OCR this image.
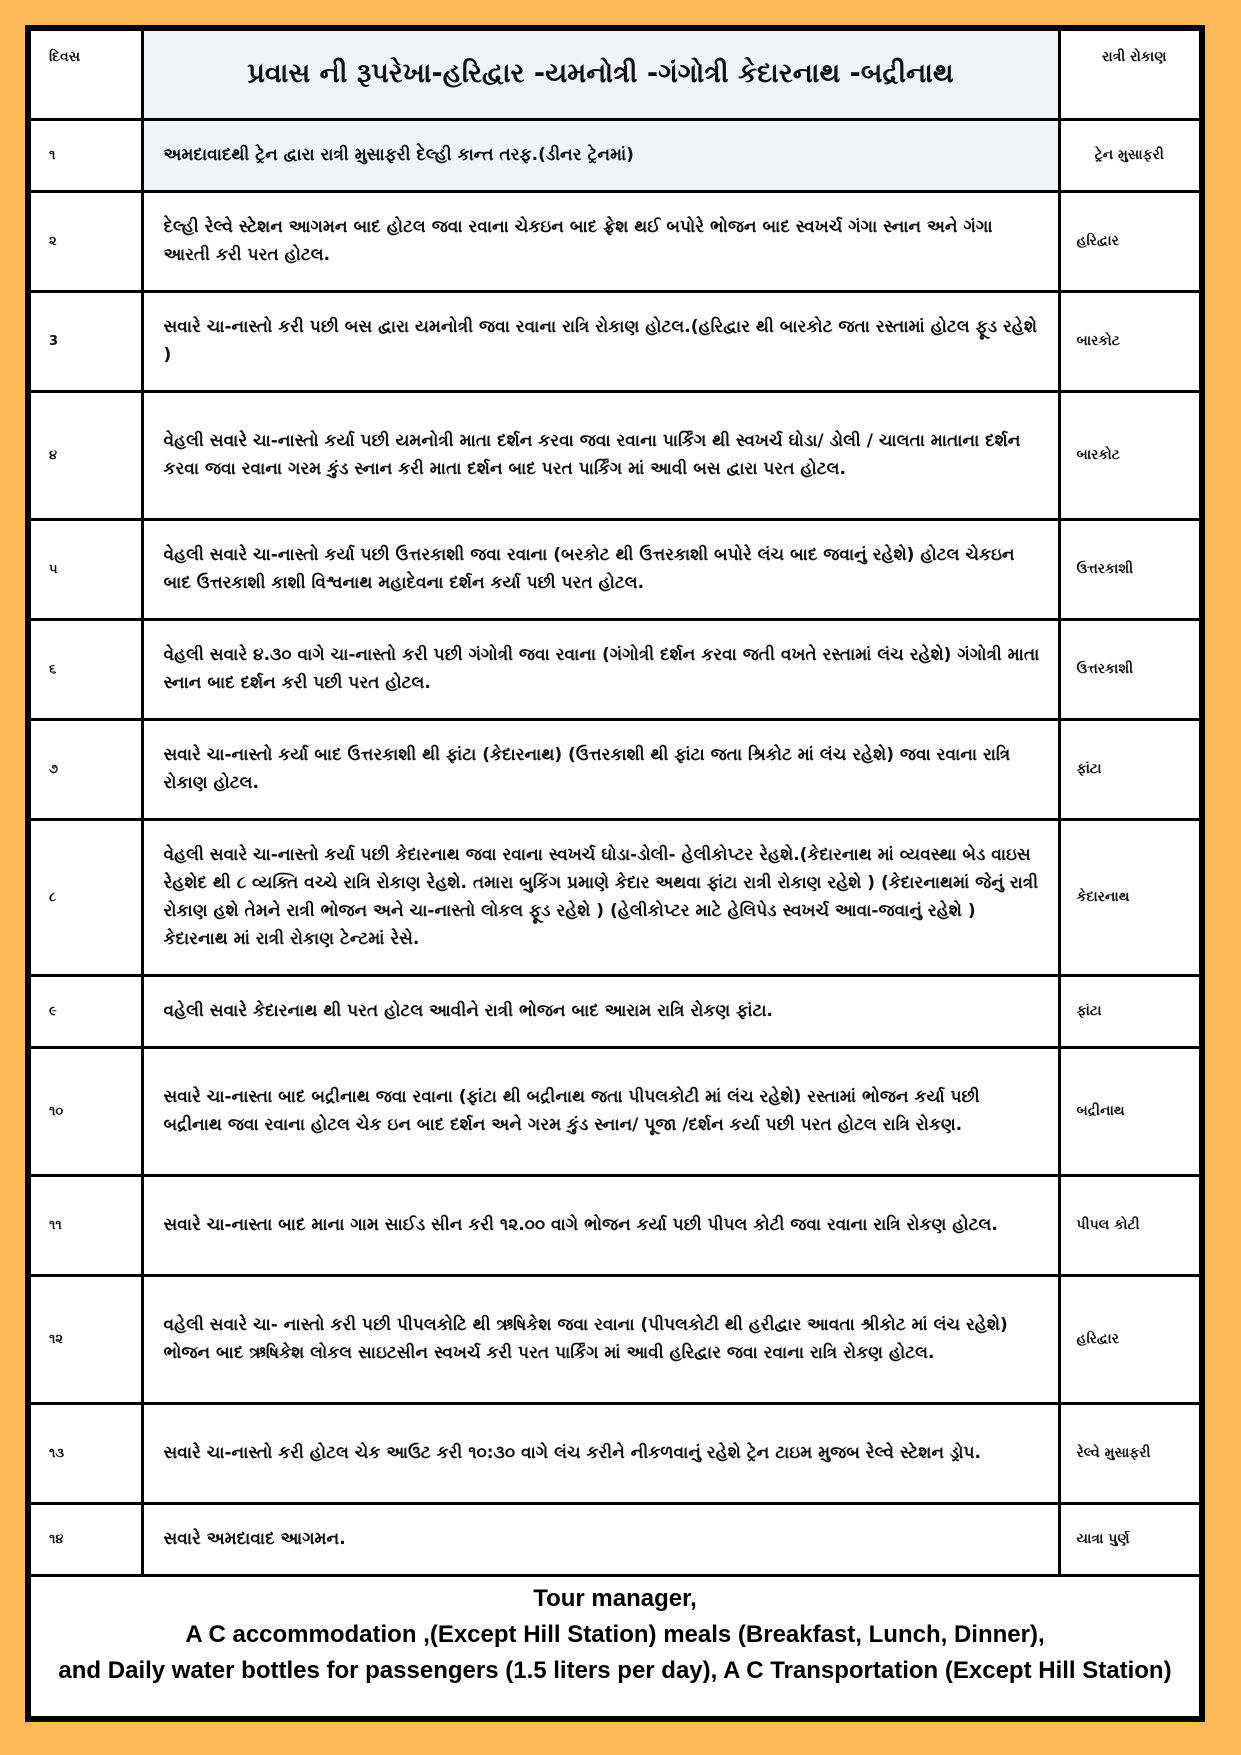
દિવસ	પ્રવાસ ની રૂપરેખા-હરિદ્વાર -યમનોત્રી -ગંગોત્રી કેદારનાથ -બદ્રીનાથ	રાત્રી રોકાણ
૧	અમદાવાદથી ટ્રેન દ્વારા રાત્રી મુસાફરી દેલ્હી કાન્ત તરફ.(ડીનર ટ્રેનમાં)	ટ્રેન મુસાફરી
૨	દેલ્હી રેલ્વે સ્ટેશન આગમન બાદ હોટલ જવા રવાના ચેકઇન બાદ ફ્રેશ થઈ બપોરે ભોજન બાદ સ્વખર્ચ ગંગા સ્નાન અને ગંગા આરતી કરી પરત હોટલ.	હરિદ્વાર
3	સવારે ચા-નાસ્તો કરી પછી બસ દ્વારા યમનોત્રી જવા રવાના રાત્રિ રોકાણ હોટલ.(હરિદ્વાર થી બારકોટ જતા રસ્તામાં હોટલ ફૂડ રહેશે )	બારકોટ
૪	વેહલી સવારે ચા-નાસ્તો કર્યા પછી યમનોત્રી માતા દર્શન કરવા જવા રવાના પાર્કિંગ થી સ્વખર્ચ ઘોડા/ ડોલી / ચાલતા માતાના દર્શન કરવા જવા રવાના ગરમ કુંડ સ્નાન કરી માતા દર્શન બાદ પરત પાર્કિંગ માં આવી બસ દ્વારા પરત હોટલ.	બારકોટ
૫	વેહલી સવારે ચા-નાસ્તો કર્યા પછી ઉત્તરકાશી જવા રવાના (બરકોટ થી ઉત્તરકાશી બપોરે લંચ બાદ જવાનું રહેશે) હોટલ ચેકઇન બાદ ઉત્તરકાશી કાશી વિશ્વનાથ મહાદેવના દર્શન કર્યા પછી પરત હોટલ.	ઉત્તરકાશી
૬	વેહલી સવારે ૪.૩૦ વાગે ચા-નાસ્તો કરી પછી ગંગોત્રી જવા રવાના (ગંગોત્રી દર્શન કરવા જતી વખતે રસ્તામાં લંચ રહેશે) ગંગોત્રી માતા સ્નાન બાદ દર્શન કરી પછી પરત હોટલ.	ઉત્તરકાશી
૭	સવારે ચા-નાસ્તો કર્યા બાદ ઉત્તરકાશી થી ફાંટા (કેદારનાથ) (ઉત્તરકાશી થી ફાંટા જતા શ્રિકોટ માં લંચ રહેશે) જવા રવાના રાત્રિ રોકાણ હોટલ.	ફાંટા
૮	વેહલી સવારે ચા-નાસ્તો કર્યા પછી કેદારનાથ જવા રવાના સ્વખર્ચ ઘોડા-ડોલી- હેલીકોપ્ટર રેહશે.(કેદારનાથ માં વ્યવસ્થા બેડ વાઇસ રેહશેદ થી ૮ વ્યક્તિ વચ્ચે રાત્રિ રોકાણ રેહશે. તમારા બુકિંગ પ્રમાણે કેદાર અથવા ફાંટા રાત્રી રોકાણ રહેશે ) (કેદારનાથમાં જેનું રાત્રી રોકાણ હશે તેમને રાત્રી ભોજન અને ચા-નાસ્તો લોકલ ફૂડ રહેશે ) (હેલીકોપ્ટર માટે હેલિપેડ સ્વખર્ચ આવા-જવાનું રહેશે ) કેદારનાથ માં રાત્રી રોકાણ ટેન્ટમાં રેસે.	કેદારનાથ
૯	વહેલી સવારે કેદારનાથ થી પરત હોટલ આવીને રાત્રી ભોજન બાદ આરામ રાત્રિ રોકણ ફાંટા.	ફાંટા
૧૦	સવારે ચા-નાસ્તા બાદ બદ્રીનાથ જવા રવાના (ફાંટા થી બદ્રીનાથ જતા પીપલકોટી માં લંચ રહેશે) રસ્તામાં ભોજન કર્યા પછી બદ્રીનાથ જવા રવાના હોટલ ચેક ઇન બાદ દર્શન અને ગરમ કુંડ સ્નાન/ પૂજા /દર્શન કર્યા પછી પરત હોટલ રાત્રિ રોકણ.	બદ્રીનાથ
૧૧	સવારે ચા-નાસ્તા બાદ માના ગામ સાઈડ સીન કરી ૧૨.૦૦ વાગે ભોજન કર્યા પછી પીપલ કોટી જવા રવાના રાત્રિ રોકણ હોટલ.	પીપલ કોટી
૧૨	વહેલી સવારે ચા- નાસ્તો કરી પછી પીપલકોટિ થી ઋષિકેશ જવા રવાના (પીપલકોટી થી હરીદ્વાર આવતા શ્રીકોટ માં લંચ રહેશે) ભોજન બાદ ઋષિકેશ લોકલ સાઇટસીન સ્વખર્ચ કરી પરત પાર્કિંગ માં આવી હરિદ્વાર જવા રવાના રાત્રિ રોકણ હોટલ.	હરિદ્વાર
૧૩	સવારે ચા-નાસ્તો કરી હોટલ ચેક આઉટ કરી ૧૦:૩૦ વાગે લંચ કરીને નીકળવાનું રહેશે ટ્રેન ટાઇમ મુજબ રેલ્વે સ્ટેશન ડ્રોપ.	રેલ્વે મુસાફરી
૧૪	સવારે અમદાવાદ આગમન.	યાત્રા પુર્ણ
Tour manager,
A C accommodation ,(Except Hill Station) meals (Breakfast, Lunch, Dinner),
and Daily water bottles for passengers (1.5 liters per day), A C Transportation (Except Hill Station)
